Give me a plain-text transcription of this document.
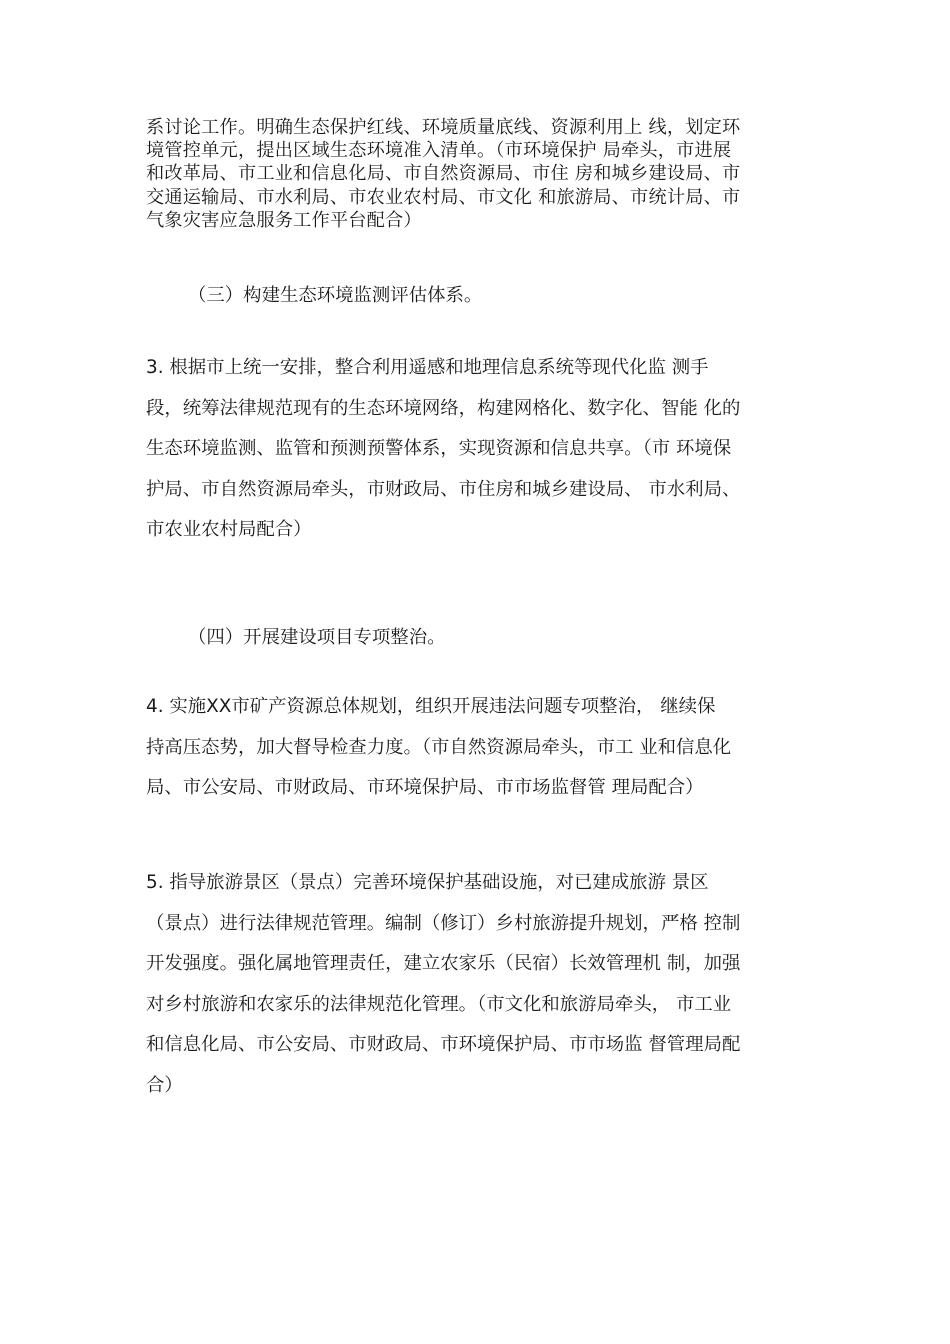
系讨论工作。明确生态保护红线、环境质量底线、资源利用上 线，划定环
境管控单元，提出区域生态环境准入清单。（市环境保护 局牵头，市进展
和改革局、市工业和信息化局、市自然资源局、市住 房和城乡建设局、市
交通运输局、市水利局、市农业农村局、市文化 和旅游局、市统计局、市
气象灾害应急服务工作平台配合）

（三）构建生态环境监测评估体系。

3. 根据市上统一安排，整合利用遥感和地理信息系统等现代化监 测手
段，统筹法律规范现有的生态环境网络，构建网格化、数字化、智能 化的
生态环境监测、监管和预测预警体系，实现资源和信息共享。（市 环境保
护局、市自然资源局牵头，市财政局、市住房和城乡建设局、 市水利局、
市农业农村局配合）

（四）开展建设项目专项整治。

4. 实施XX市矿产资源总体规划，组织开展违法问题专项整治， 继续保
持高压态势，加大督导检查力度。（市自然资源局牵头，市工 业和信息化
局、市公安局、市财政局、市环境保护局、市市场监督管 理局配合）
5. 指导旅游景区（景点）完善环境保护基础设施，对已建成旅游 景区
（景点）进行法律规范管理。编制（修订）乡村旅游提升规划，严格 控制
开发强度。强化属地管理责任，建立农家乐（民宿）长效管理机 制，加强
对乡村旅游和农家乐的法律规范化管理。（市文化和旅游局牵头， 市工业
和信息化局、市公安局、市财政局、市环境保护局、市市场监 督管理局配
合）
